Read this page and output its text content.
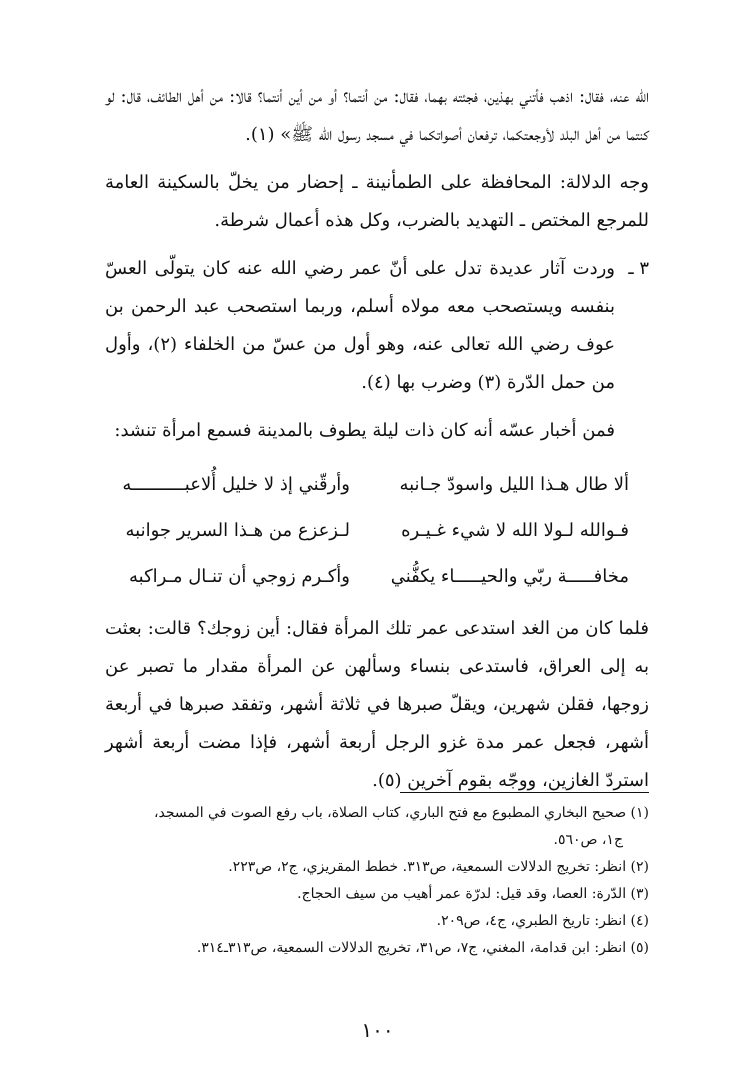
الله عنه، فقال: اذهب فأتني بهذين، فجئته بهما، فقال: من أنتما؟ أو من أين أنتما؟ قالا: من أهل الطائف، قال: لو كنتما من أهل البلد لأوجعتكما، ترفعان أصواتكما في مسجد رسول الله ﷺ» (١).

وجه الدلالة: المحافظة على الطمأنينة ـ إحضار من يخلّ بالسكينة العامة للمرجع المختص ـ التهديد بالضرب، وكل هذه أعمال شرطة.

٣ ـ

وردت آثار عديدة تدل على أنّ عمر رضي الله عنه كان يتولّى العسّ بنفسه ويستصحب معه مولاه أسلم، وربما استصحب عبد الرحمن بن عوف رضي الله تعالى عنه، وهو أول من عسّ من الخلفاء (٢)، وأول من حمل الدّرة (٣) وضرب بها (٤).

فمن أخبار عسّه أنه كان ذات ليلة يطوف بالمدينة فسمع امرأة تنشد:

ألا طال هـذا الليل واسودّ جـانبه
وأرقّني إذ لا خليل أُلاعبــــــــــه
فـوالله لـولا الله لا شيء غـيـره
لـزعزع من هـذا السرير جوانبه
مخافـــــة ربّي والحيـــــاء يكفُّني
وأكـرم زوجي أن تنـال مـراكبه

فلما كان من الغد استدعى عمر تلك المرأة فقال: أين زوجك؟ قالت: بعثت به إلى العراق، فاستدعى بنساء وسألهن عن المرأة مقدار ما تصبر عن زوجها، فقلن شهرين، ويقلّ صبرها في ثلاثة أشهر، وتفقد صبرها في أربعة أشهر، فجعل عمر مدة غزو الرجل أربعة أشهر، فإذا مضت أربعة أشهر استردّ الغازين، ووجّه بقوم آخرين (٥).

(١) صحيح البخاري المطبوع مع فتح الباري، كتاب الصلاة، باب رفع الصوت في المسجد،
ج١، ص٥٦٠.

(٢) انظر: تخريج الدلالات السمعية، ص٣١٣. خطط المقريزي، ج٢، ص٢٢٣.

(٣) الدّرة: العصا، وقد قيل: لدرّة عمر أهيب من سيف الحجاج.

(٤) انظر: تاريخ الطبري، ج٤، ص٢٠٩.

(٥) انظر: ابن قدامة، المغني، ج٧، ص٣١، تخريج الدلالات السمعية، ص٣١٣ـ٣١٤.

١٠٠
